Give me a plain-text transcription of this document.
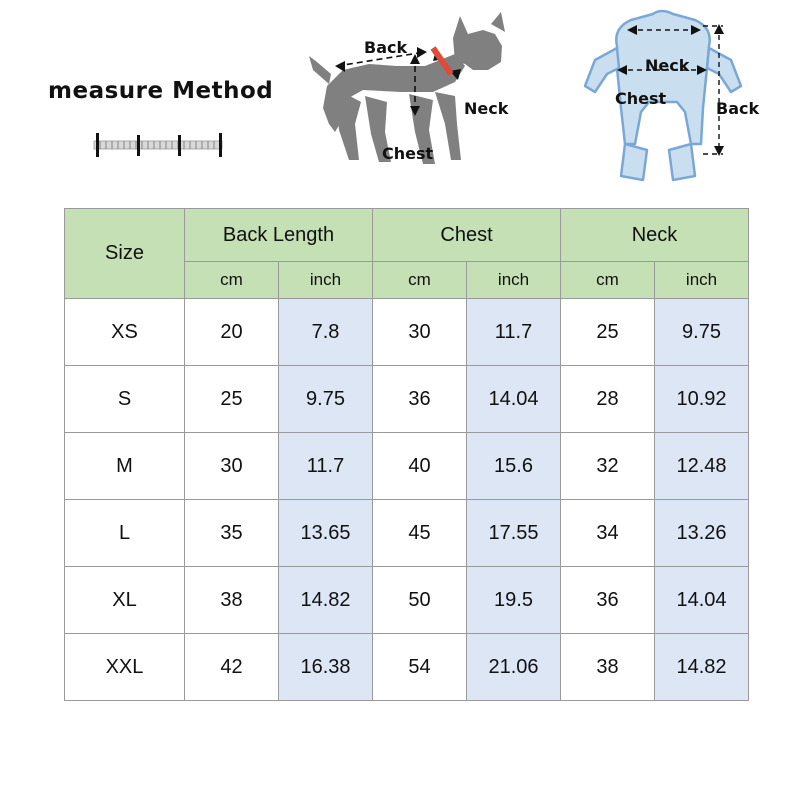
measure Method
Back
Neck
Chest
Neck
Chest
Back
Size	Back Length		Chest		Neck	
	cm	inch	cm	inch	cm	inch
XS	20	7.8	30	11.7	25	9.75
S	25	9.75	36	14.04	28	10.92
M	30	11.7	40	15.6	32	12.48
L	35	13.65	45	17.55	34	13.26
XL	38	14.82	50	19.5	36	14.04
XXL	42	16.38	54	21.06	38	14.82
